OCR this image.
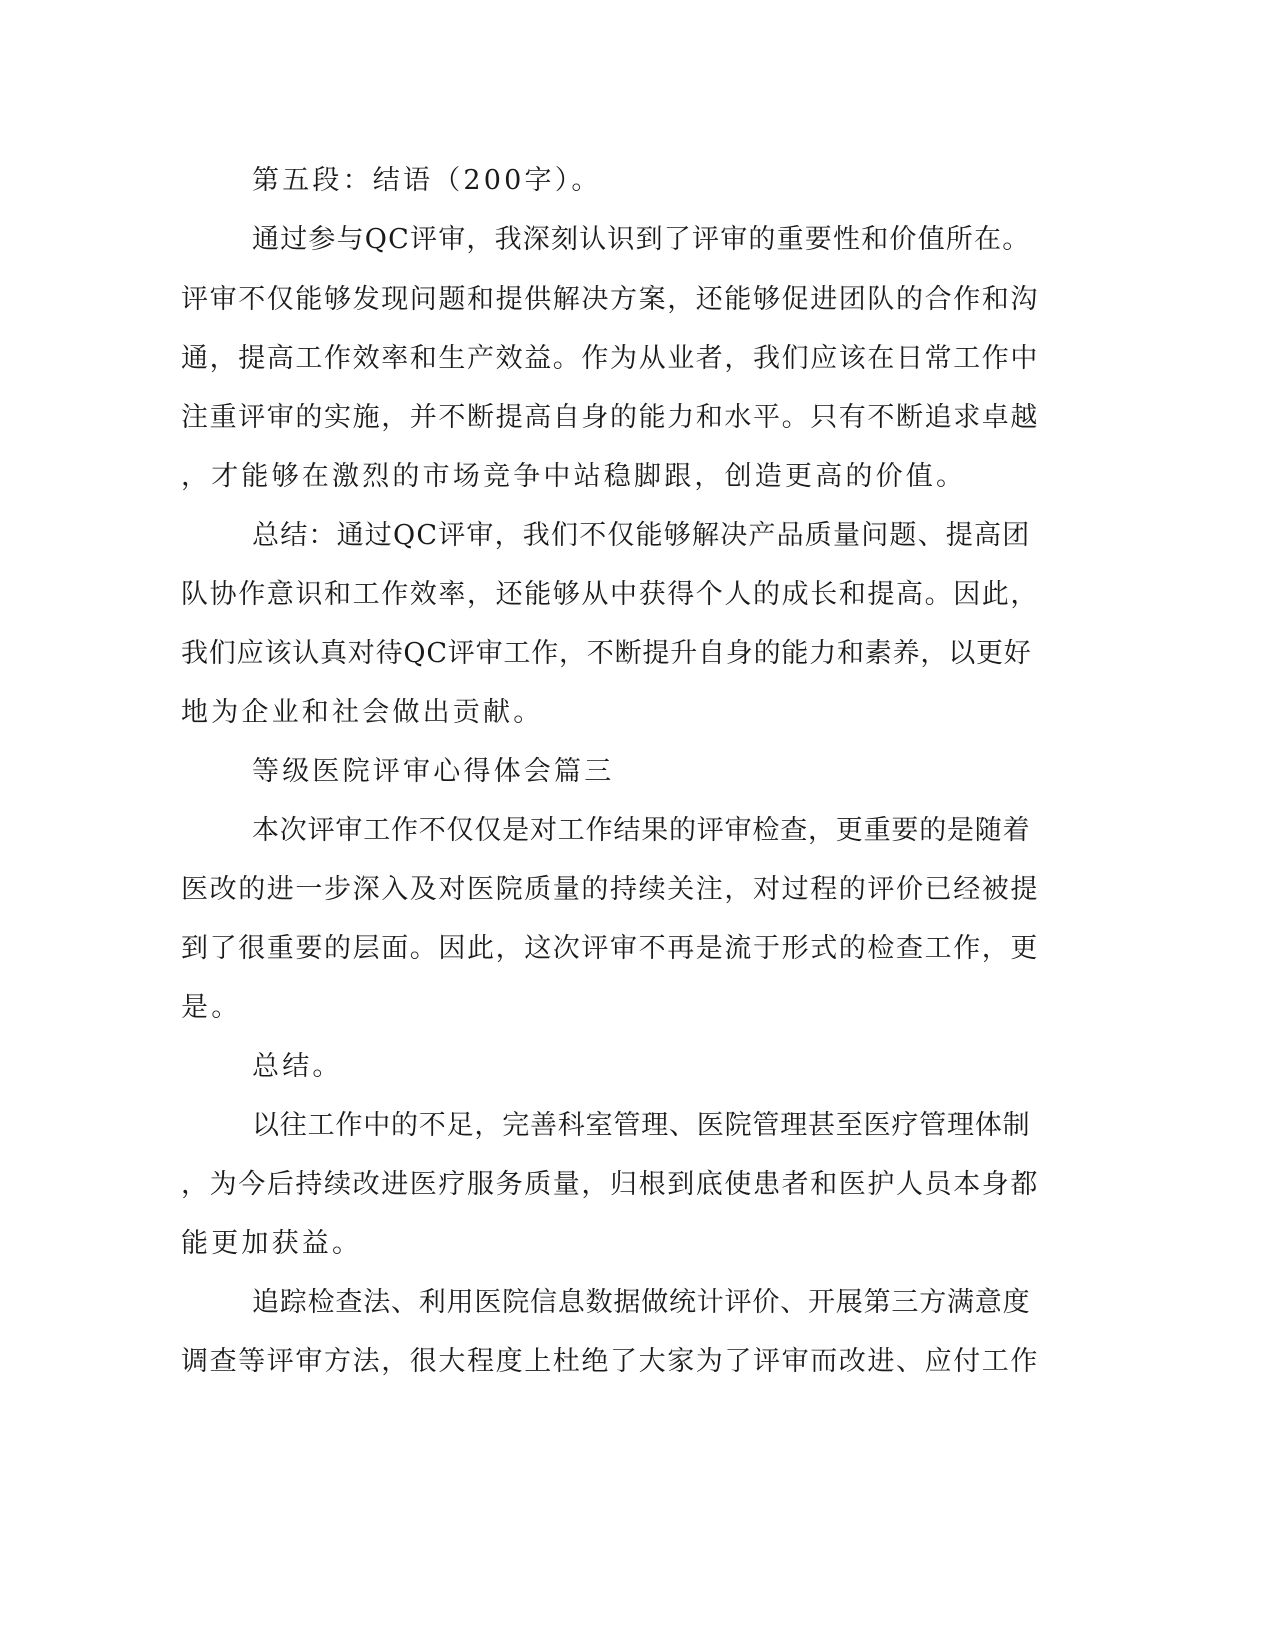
第五段：结语（200字）。
通过参与QC评审，我深刻认识到了评审的重要性和价值所在。
评审不仅能够发现问题和提供解决方案，还能够促进团队的合作和沟
通，提高工作效率和生产效益。作为从业者，我们应该在日常工作中
注重评审的实施，并不断提高自身的能力和水平。只有不断追求卓越
，才能够在激烈的市场竞争中站稳脚跟，创造更高的价值。
总结：通过QC评审，我们不仅能够解决产品质量问题、提高团
队协作意识和工作效率，还能够从中获得个人的成长和提高。因此，
我们应该认真对待QC评审工作，不断提升自身的能力和素养，以更好
地为企业和社会做出贡献。
等级医院评审心得体会篇三
本次评审工作不仅仅是对工作结果的评审检查，更重要的是随着
医改的进一步深入及对医院质量的持续关注，对过程的评价已经被提
到了很重要的层面。因此，这次评审不再是流于形式的检查工作，更
是。
总结。
以往工作中的不足，完善科室管理、医院管理甚至医疗管理体制
，为今后持续改进医疗服务质量，归根到底使患者和医护人员本身都
能更加获益。
追踪检查法、利用医院信息数据做统计评价、开展第三方满意度
调查等评审方法，很大程度上杜绝了大家为了评审而改进、应付工作
